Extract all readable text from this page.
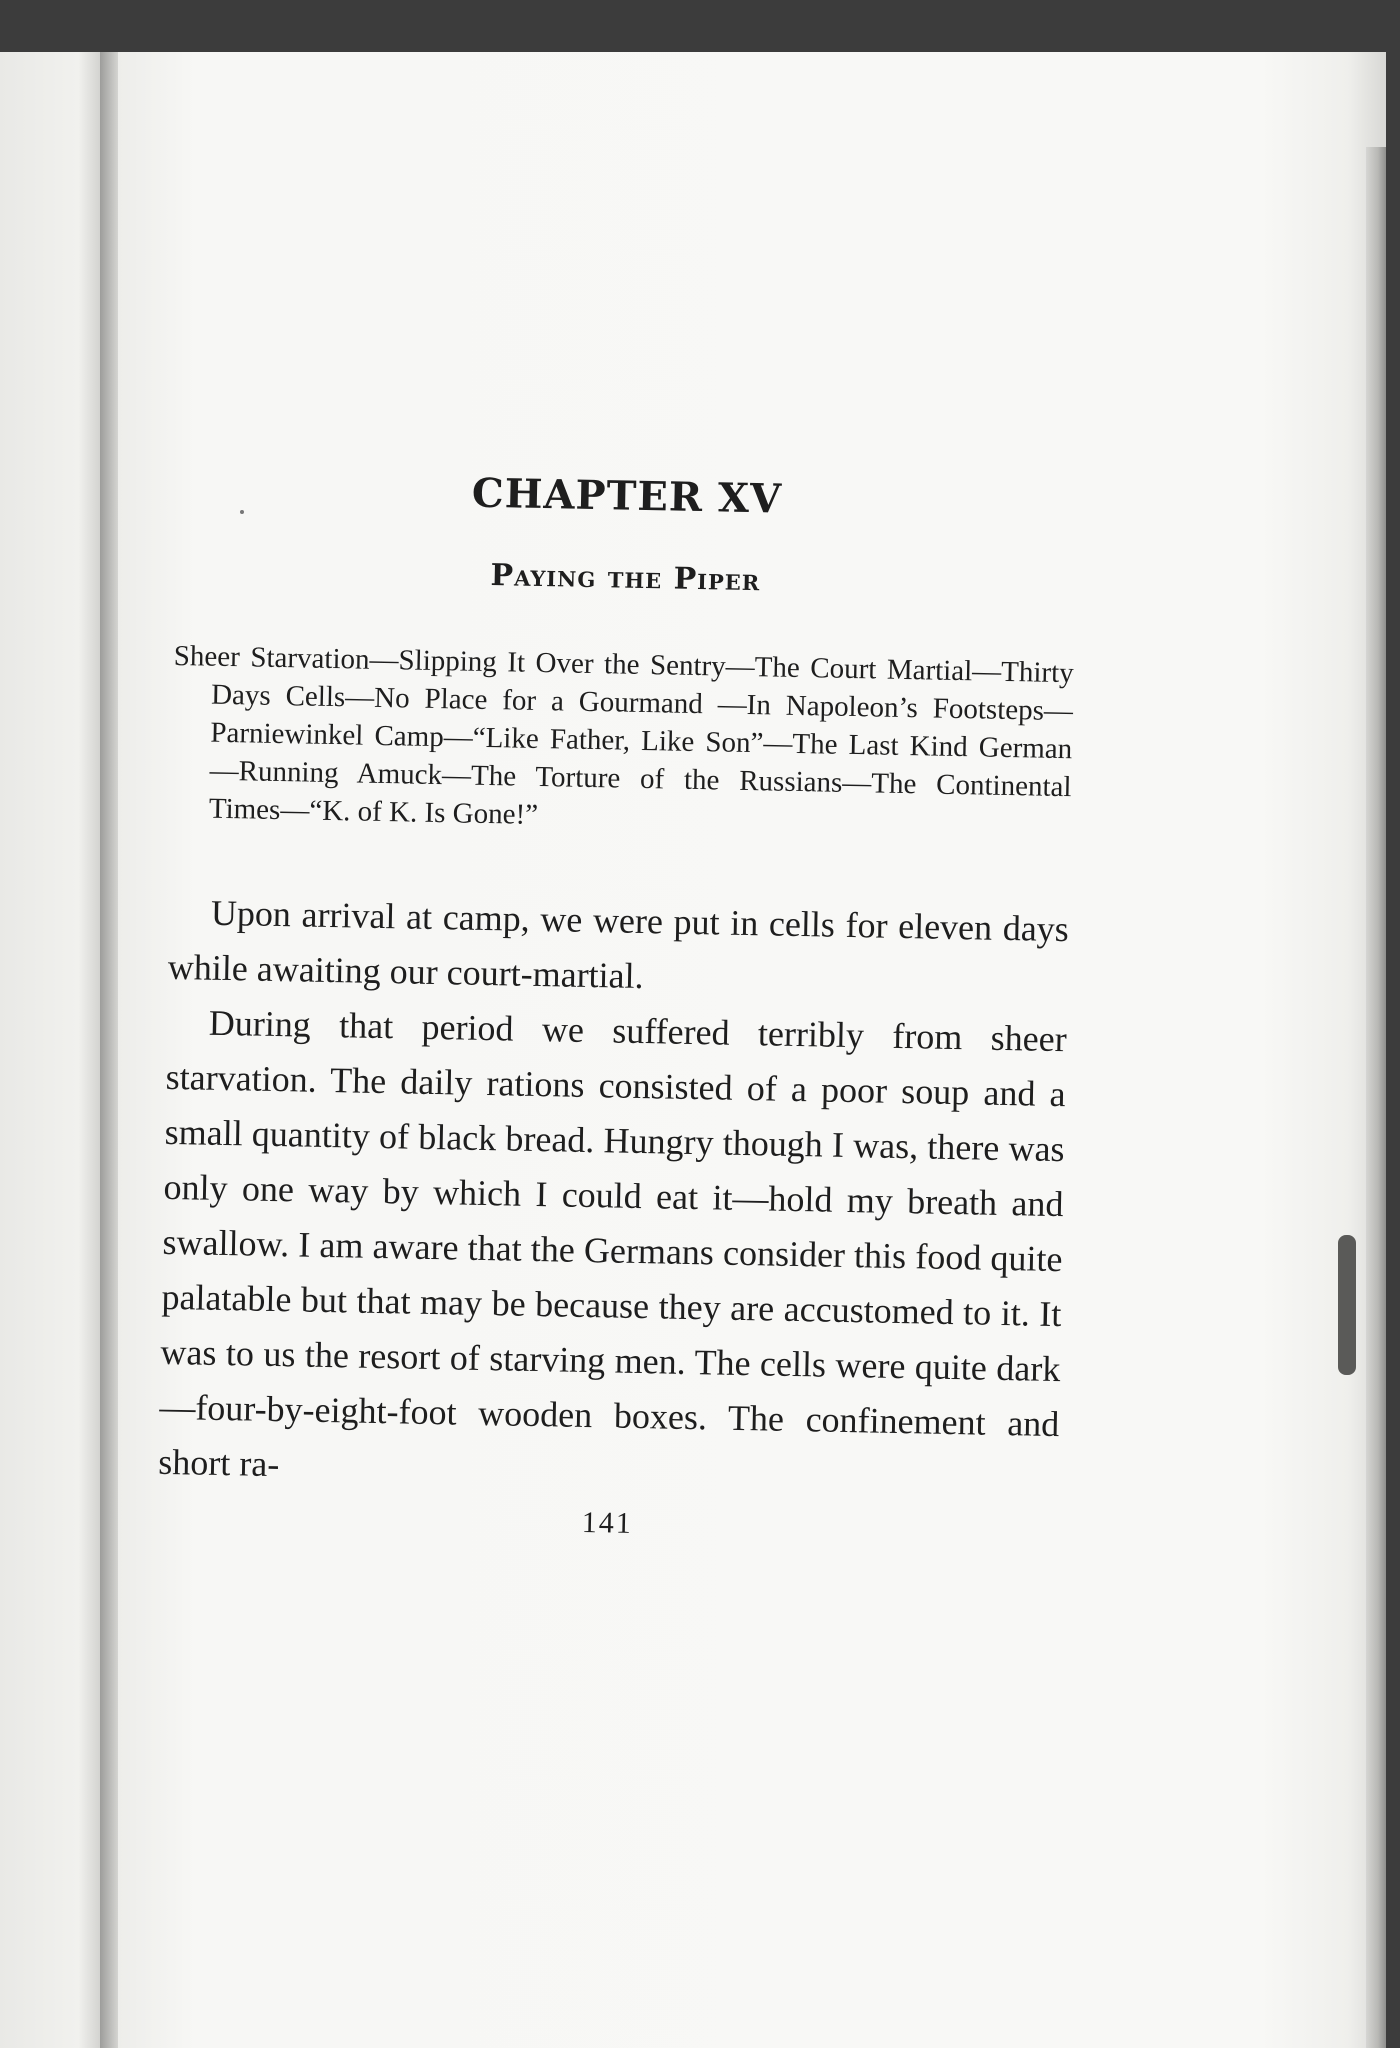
CHAPTER XV
Paying the Piper

Sheer Starvation—Slipping It Over the Sentry—The Court Martial—Thirty Days Cells—No Place for a Gourmand —In Napoleon’s Footsteps—Parniewinkel Camp—“Like Father, Like Son”—The Last Kind German—Running Amuck—The Torture of the Russians—The Continental Times—“K. of K. Is Gone!”

Upon arrival at camp, we were put in cells for eleven days while awaiting our court-martial.

During that period we suffered terribly from sheer starvation. The daily rations consisted of a poor soup and a small quantity of black bread. Hungry though I was, there was only one way by which I could eat it—hold my breath and swallow. I am aware that the Germans consider this food quite palatable but that may be because they are accustomed to it. It was to us the resort of starving men. The cells were quite dark—four-by-eight-foot wooden boxes. The confinement and short ra-

141
